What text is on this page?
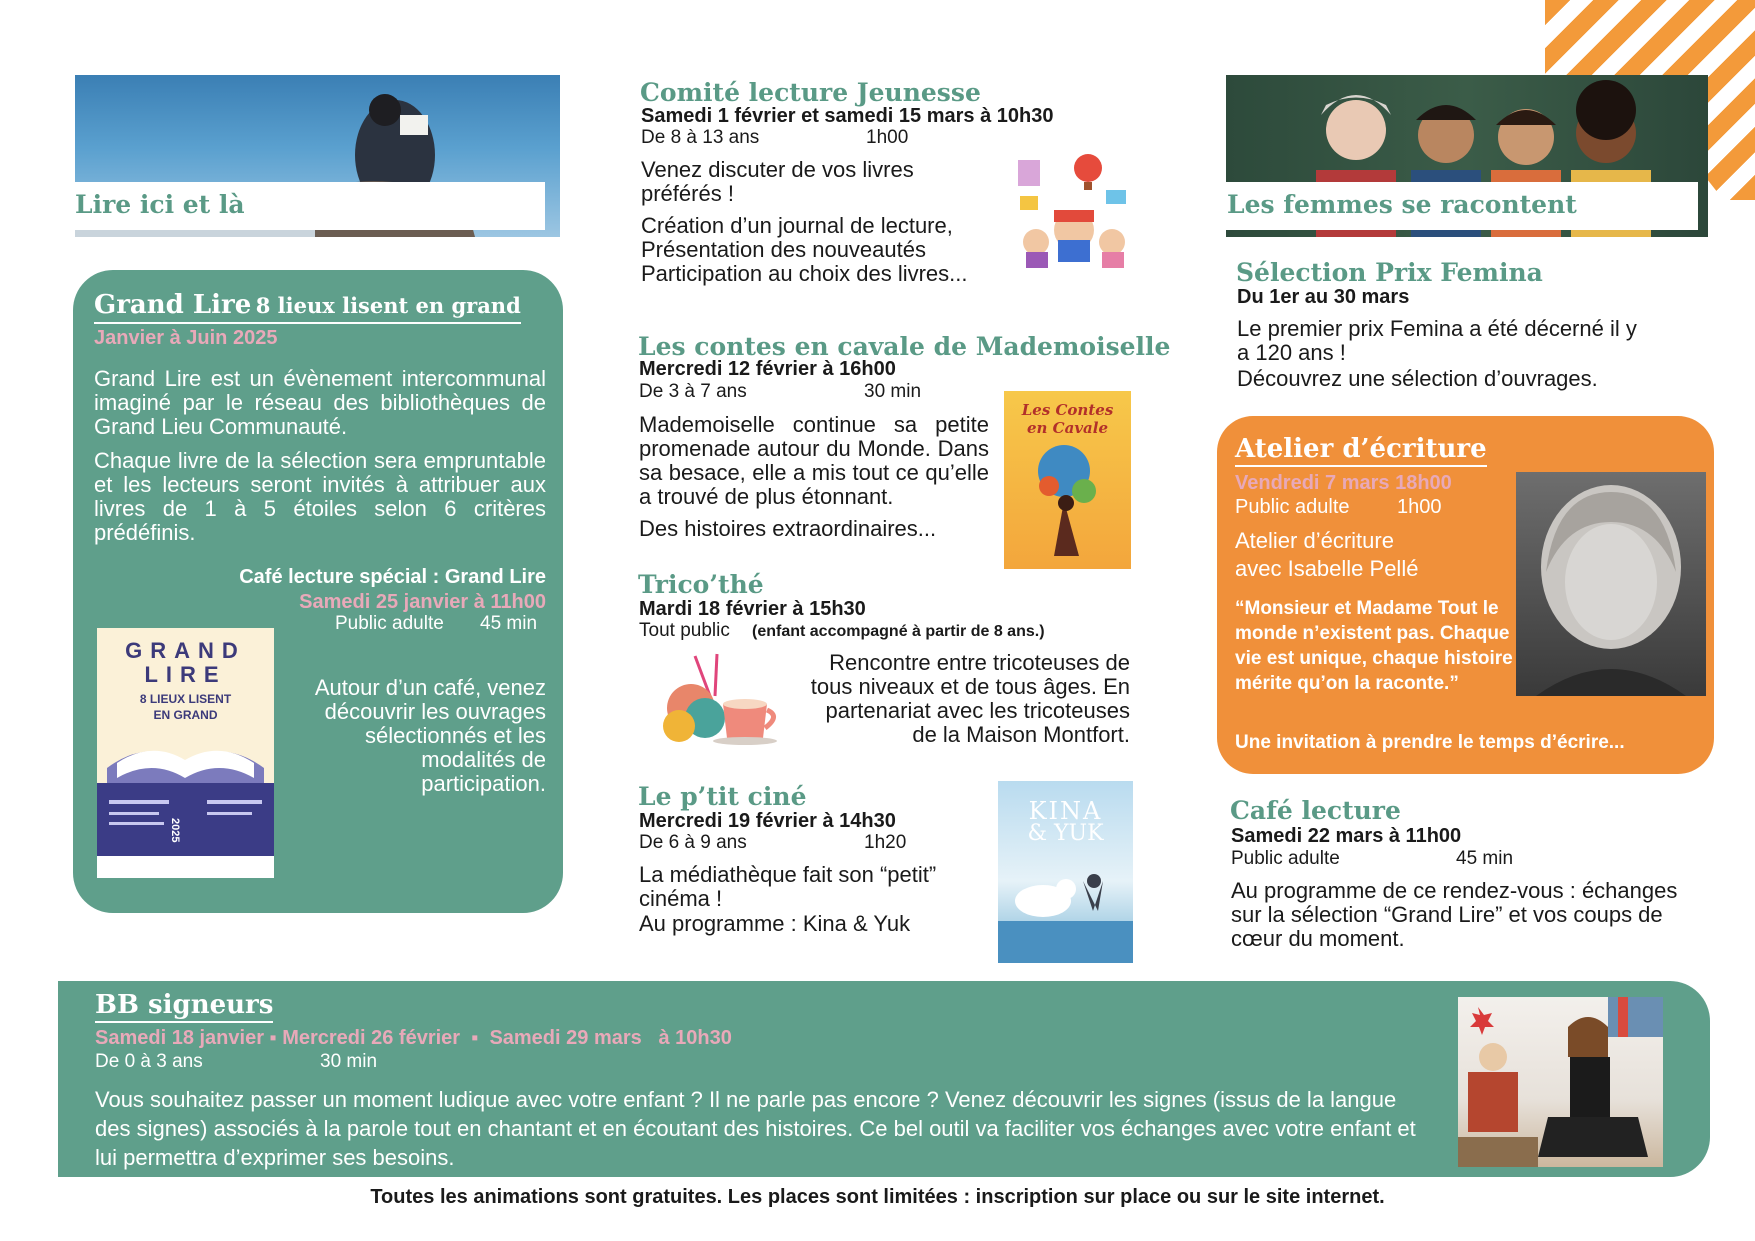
Lire ici et là
Grand Lire 8 lieux lisent en grand
Janvier à Juin 2025
Grand Lire est un évènement intercommunal imaginé par le réseau des bibliothèques de Grand Lieu Communauté.
Chaque livre de la sélection sera empruntable et les lecteurs seront invités à attribuer aux livres de 1 à 5 étoiles selon 6 critères prédéfinis.
Café lecture spécial : Grand Lire
Samedi 25 janvier à 11h00
Public adulte 45 min
GRAND
LIRE
8 LIEUX LISENT
EN GRAND
2025
Autour d’un café, venez découvrir les ouvrages sélectionnés et les modalités de participation.
Comité lecture Jeunesse
Samedi 1 février et samedi 15 mars à 10h30
De 8 à 13 ans	1h00
Venez discuter de vos livres préférés !
Création d’un journal de lecture, Présentation des nouveautés Participation au choix des livres...
Les contes en cavale de Mademoiselle
Mercredi 12 février à 16h00
De 3 à 7 ans	30 min
Mademoiselle continue sa petite promenade autour du Monde. Dans sa besace, elle a mis tout ce qu’elle a trouvé de plus étonnant.
Des histoires extraordinaires...
Les Contes
en Cavale
Trico’thé
Mardi 18 février à 15h30
Tout public (enfant accompagné à partir de 8 ans.)
Rencontre entre tricoteuses de tous niveaux et de tous âges. En partenariat avec les tricoteuses de la Maison Montfort.
Le p’tit ciné
Mercredi 19 février à 14h30
De 6 à 9 ans	1h20
La médiathèque fait son “petit” cinéma !
Au programme : Kina & Yuk
KINA
& YUK
Les femmes se racontent
Sélection Prix Femina
Du 1er au 30 mars
Le premier prix Femina a été décerné il y a 120 ans !
Découvrez une sélection d’ouvrages.
Atelier d’écriture
Vendredi 7 mars 18h00
Public adulte 1h00
Atelier d’écriture avec Isabelle Pellé
“Monsieur et Madame Tout le monde n’existent pas. Chaque vie est unique, chaque histoire mérite qu’on la raconte.”
Une invitation à prendre le temps d’écrire...
Café lecture
Samedi 22 mars à 11h00
Public adulte	45 min
Au programme de ce rendez-vous : échanges sur la sélection “Grand Lire” et vos coups de cœur du moment.
BB signeurs
Samedi 18 janvier ▪ Mercredi 26 février ▪ Samedi 29 mars à 10h30
De 0 à 3 ans	30 min
Vous souhaitez passer un moment ludique avec votre enfant ? Il ne parle pas encore ? Venez découvrir les signes (issus de la langue des signes) associés à la parole tout en chantant et en écoutant des histoires. Ce bel outil va faciliter vos échanges avec votre enfant et lui permettra d’exprimer ses besoins.
Toutes les animations sont gratuites. Les places sont limitées : inscription sur place ou sur le site internet.
